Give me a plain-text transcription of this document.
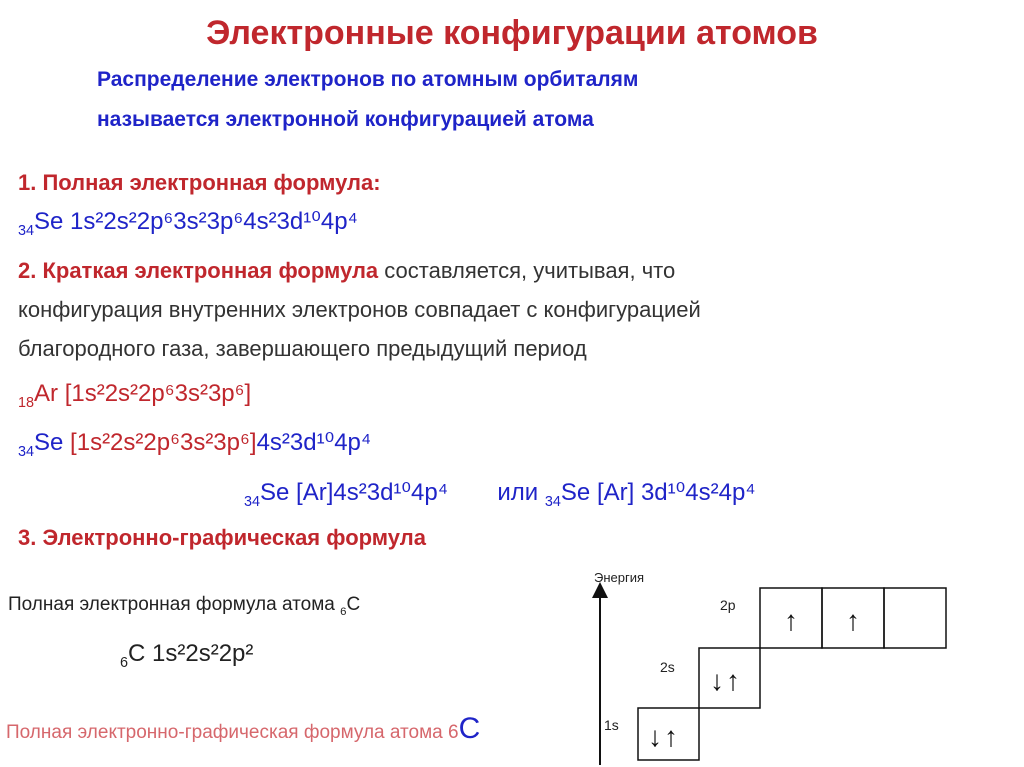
Электронные конфигурации атомов
Распределение электронов по атомным орбиталям
называется электронной конфигурацией атома
1. Полная электронная формула:
$_{34}$Se 1s²2s²2p⁶3s²3p⁶4s²3d¹⁰4p⁴
2. Краткая электронная формула составляется, учитывая, что
конфигурация внутренних электронов совпадает с конфигурацией
благородного газа, завершающего предыдущий период
$_{18}$Ar [1s²2s²2p⁶3s²3p⁶]
$_{34}$Se [1s²2s²2p⁶3s²3p⁶]4s²3d¹⁰4p⁴
$_{34}$Se [Ar]4s²3d¹⁰4p⁴ или $_{34}$Se [Ar] 3d¹⁰4s²4p⁴
3. Электронно-графическая формула
Полная электронная формула атома $_6$C
$_6$C 1s²2s²2p²
Полная электронно-графическая формула атома 6C
Энергия
2p ↑ ↑
2s ↓↑
1s ↓↑
